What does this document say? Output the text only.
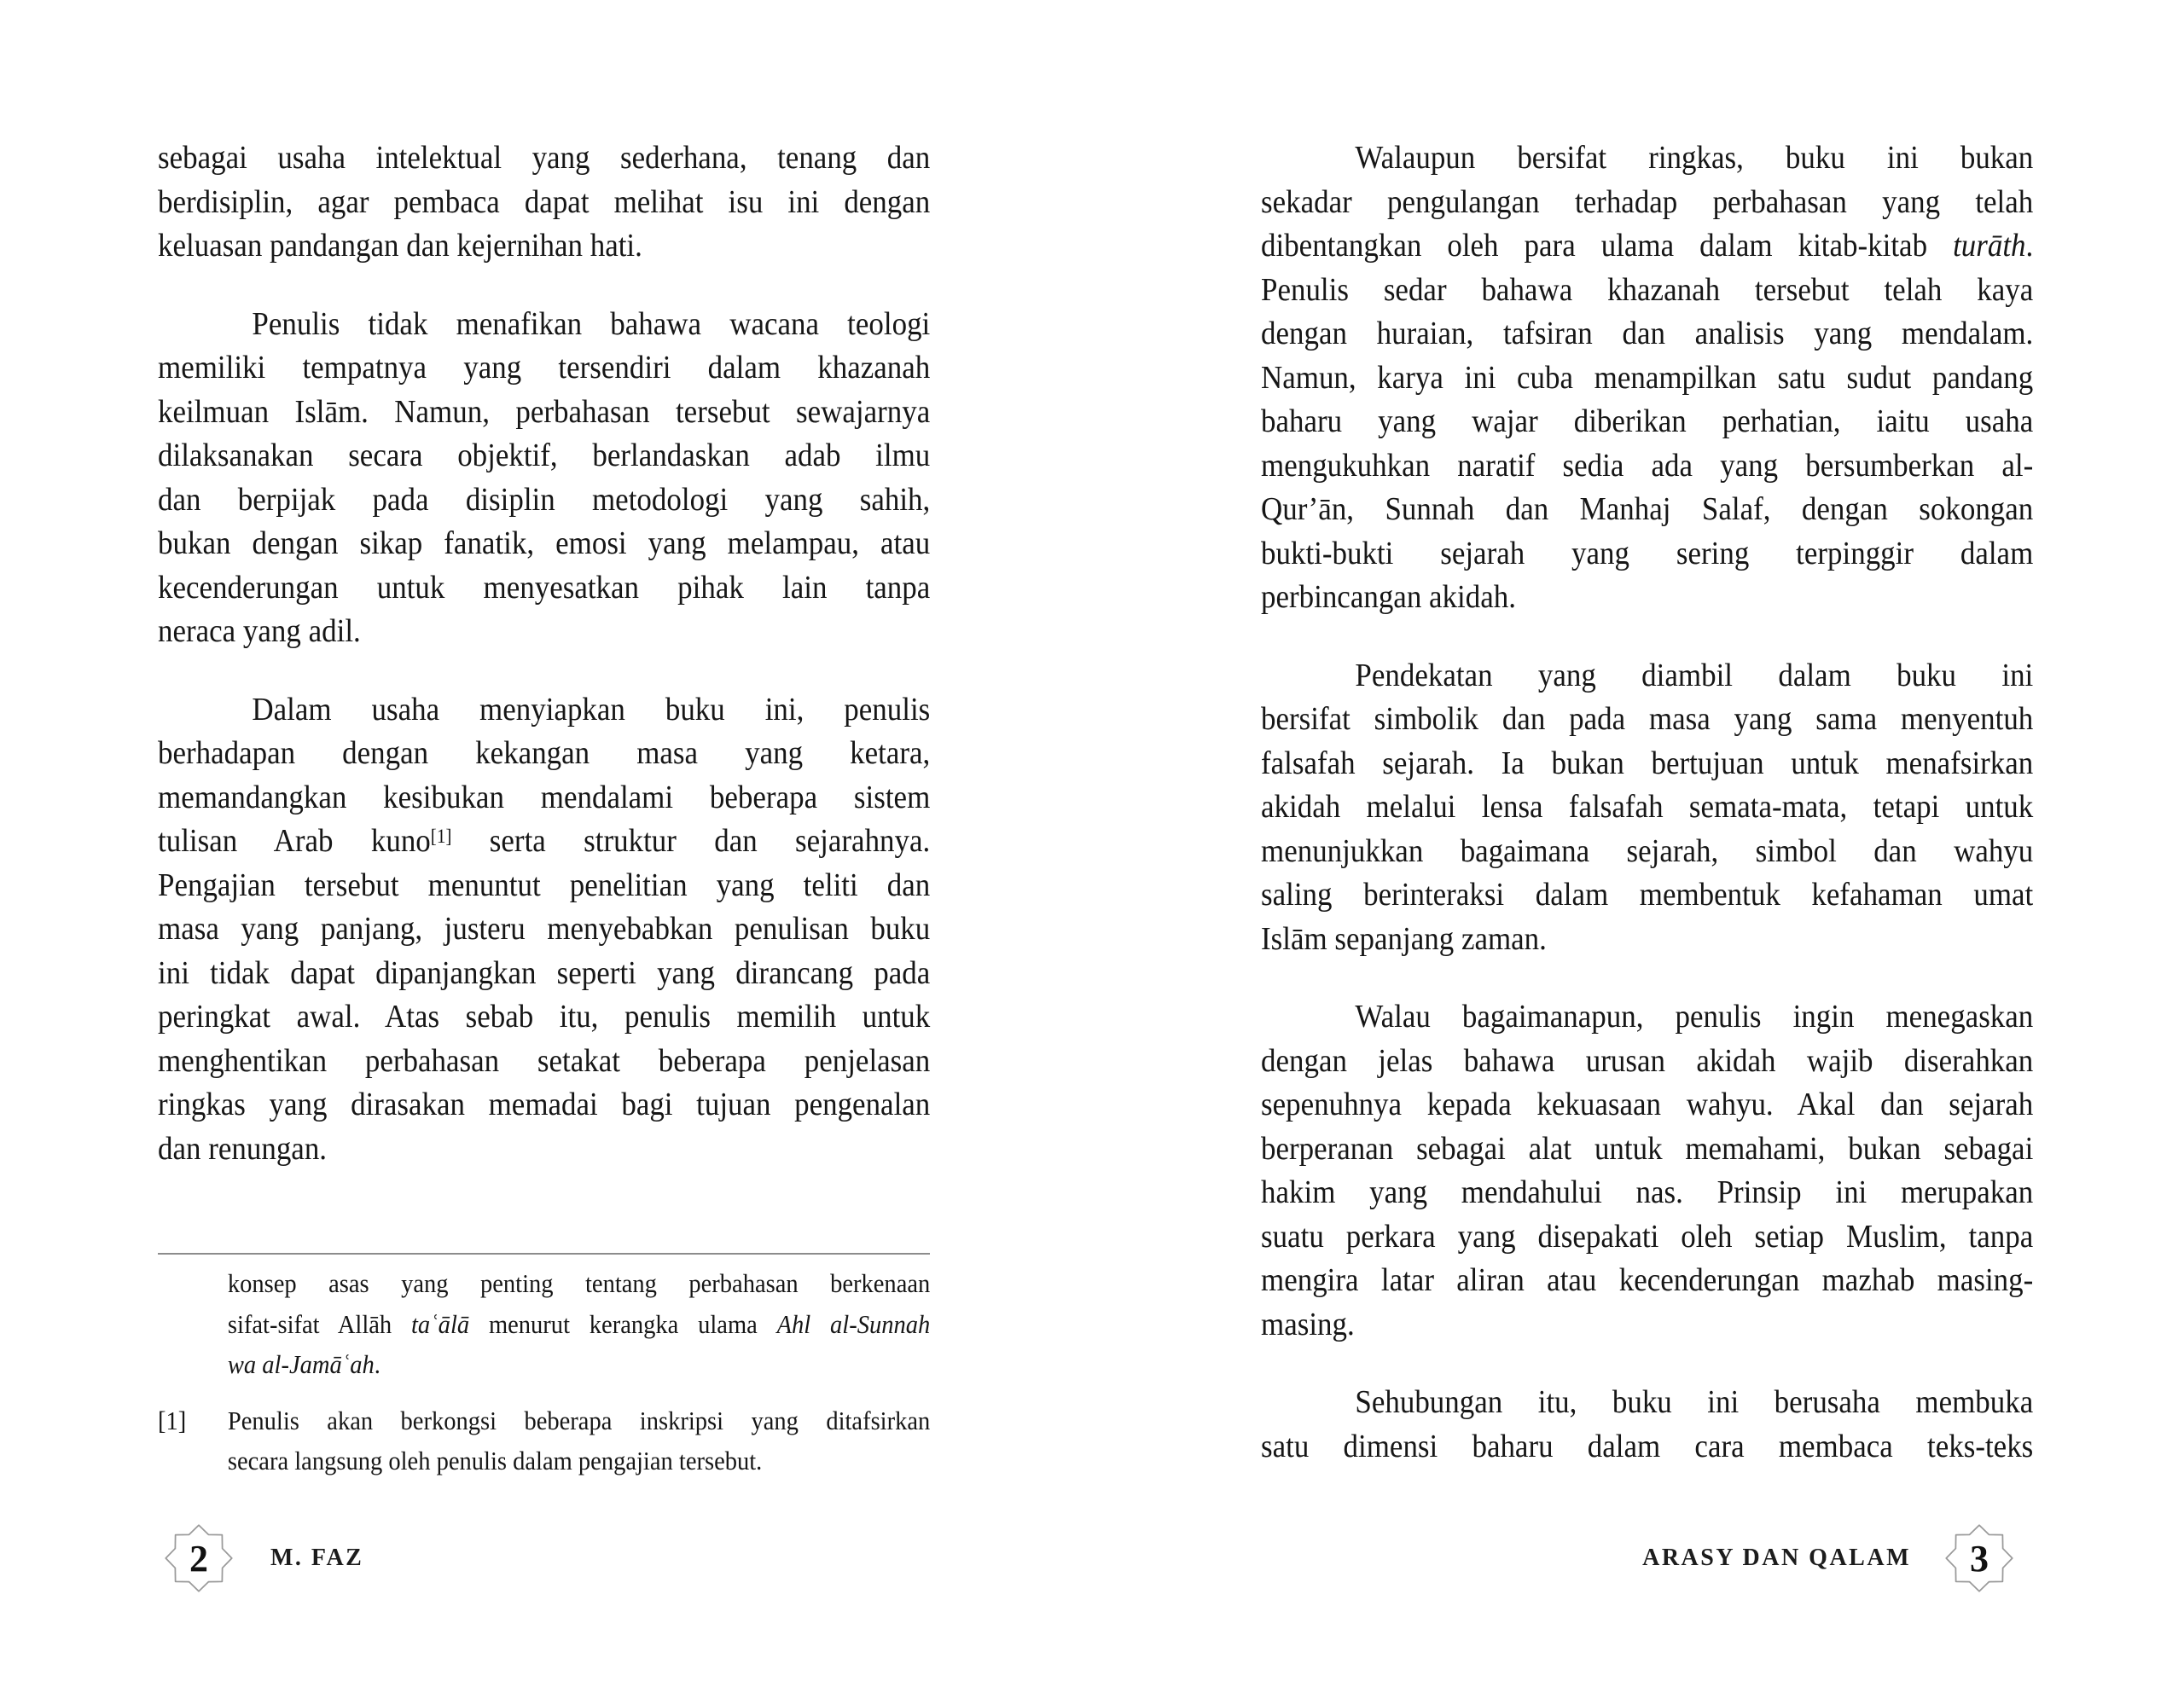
sebagai usaha intelektual yang sederhana, tenang dan
berdisiplin, agar pembaca dapat melihat isu ini dengan
keluasan pandangan dan kejernihan hati.
Penulis tidak menafikan bahawa wacana teologi
memiliki tempatnya yang tersendiri dalam khazanah
keilmuan Islām. Namun, perbahasan tersebut sewajarnya
dilaksanakan secara objektif, berlandaskan adab ilmu
dan berpijak pada disiplin metodologi yang sahih,
bukan dengan sikap fanatik, emosi yang melampau, atau
kecenderungan untuk menyesatkan pihak lain tanpa
neraca yang adil.
Dalam usaha menyiapkan buku ini, penulis
berhadapan dengan kekangan masa yang ketara,
memandangkan kesibukan mendalami beberapa sistem
tulisan Arab kuno[1] serta struktur dan sejarahnya.
Pengajian tersebut menuntut penelitian yang teliti dan
masa yang panjang, justeru menyebabkan penulisan buku
ini tidak dapat dipanjangkan seperti yang dirancang pada
peringkat awal. Atas sebab itu, penulis memilih untuk
menghentikan perbahasan setakat beberapa penjelasan
ringkas yang dirasakan memadai bagi tujuan pengenalan
dan renungan.
Walaupun bersifat ringkas, buku ini bukan
sekadar pengulangan terhadap perbahasan yang telah
dibentangkan oleh para ulama dalam kitab-kitab turāth.
Penulis sedar bahawa khazanah tersebut telah kaya
dengan huraian, tafsiran dan analisis yang mendalam.
Namun, karya ini cuba menampilkan satu sudut pandang
baharu yang wajar diberikan perhatian, iaitu usaha
mengukuhkan naratif sedia ada yang bersumberkan al-
Qur’ān, Sunnah dan Manhaj Salaf, dengan sokongan
bukti-bukti sejarah yang sering terpinggir dalam
perbincangan akidah.
Pendekatan yang diambil dalam buku ini
bersifat simbolik dan pada masa yang sama menyentuh
falsafah sejarah. Ia bukan bertujuan untuk menafsirkan
akidah melalui lensa falsafah semata-mata, tetapi untuk
menunjukkan bagaimana sejarah, simbol dan wahyu
saling berinteraksi dalam membentuk kefahaman umat
Islām sepanjang zaman.
Walau bagaimanapun, penulis ingin menegaskan
dengan jelas bahawa urusan akidah wajib diserahkan
sepenuhnya kepada kekuasaan wahyu. Akal dan sejarah
berperanan sebagai alat untuk memahami, bukan sebagai
hakim yang mendahului nas. Prinsip ini merupakan
suatu perkara yang disepakati oleh setiap Muslim, tanpa
mengira latar aliran atau kecenderungan mazhab masing-
masing.
Sehubungan itu, buku ini berusaha membuka
satu dimensi baharu dalam cara membaca teks-teks
konsep asas yang penting tentang perbahasan berkenaan
sifat-sifat Allāh taʿālā menurut kerangka ulama Ahl al-Sunnah
wa al-Jamāʿah.
[1] Penulis akan berkongsi beberapa inskripsi yang ditafsirkan
secara langsung oleh penulis dalam pengajian tersebut.
2	M. FAZ	ARASY DAN QALAM	3
